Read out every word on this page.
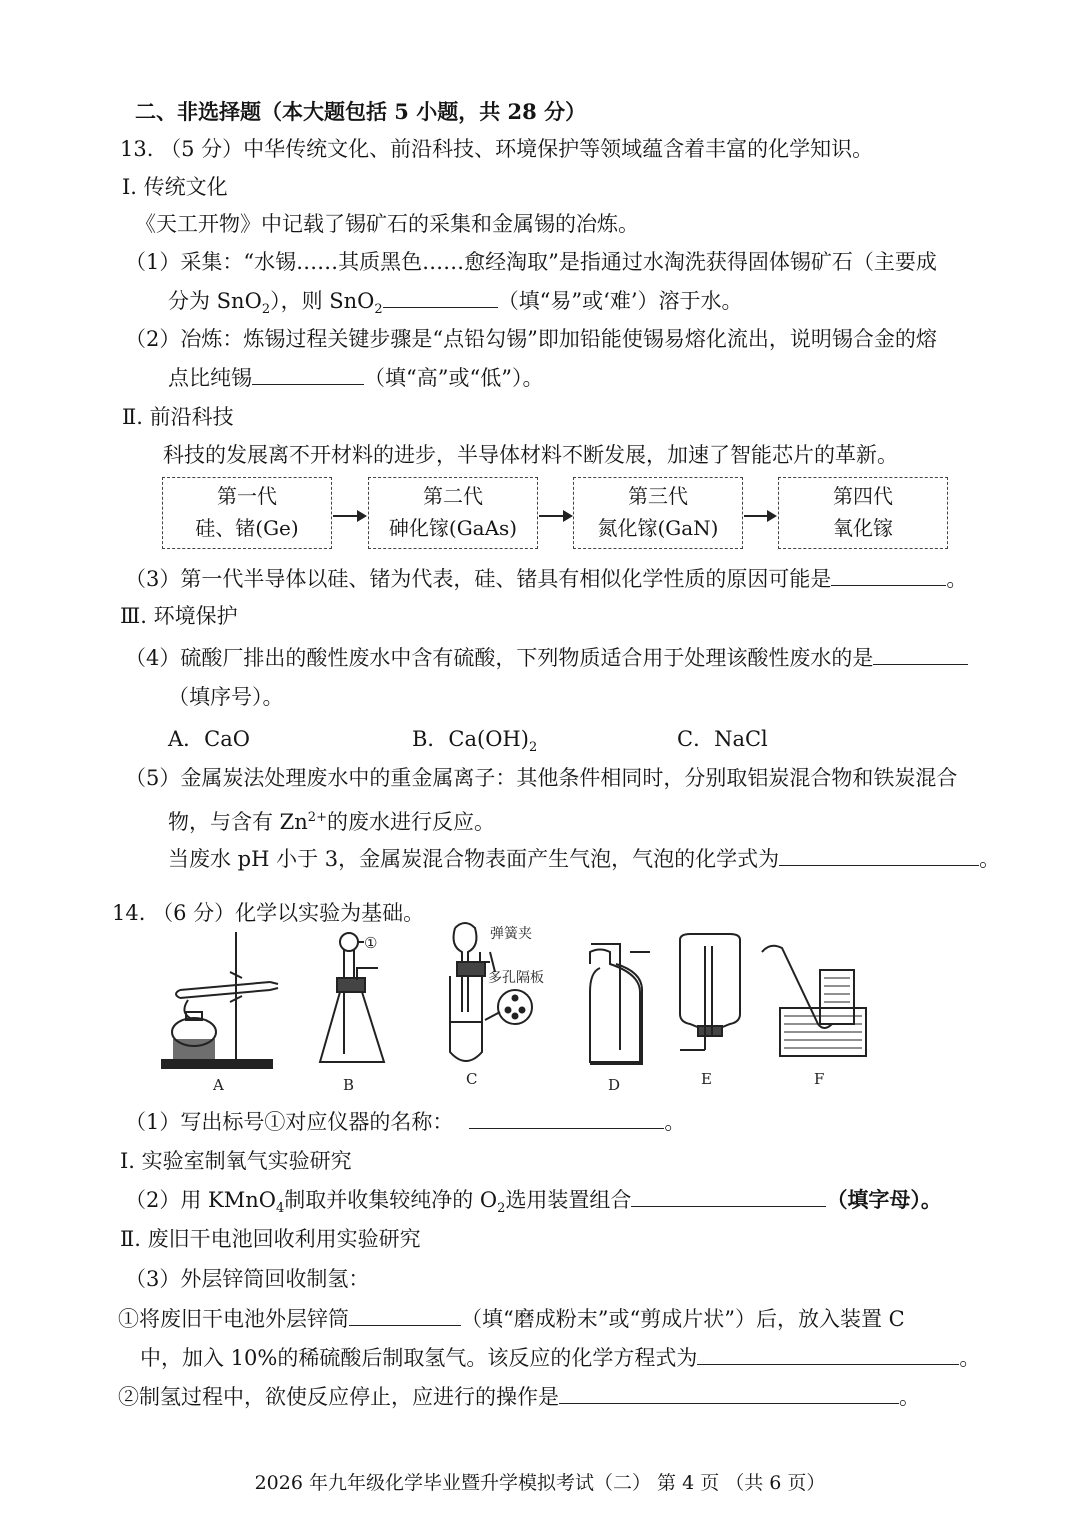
二、非选择题（本大题包括 5 小题，共 28 分）
13. （5 分）中华传统文化、前沿科技、环境保护等领域蕴含着丰富的化学知识。
I. 传统文化
《天工开物》中记载了锡矿石的采集和金属锡的冶炼。
（1）采集：“水锡……其质黑色……愈经淘取”是指通过水淘洗获得固体锡矿石（主要成
分为 SnO$_2$），则 SnO$_2$	（填“易”或‘难’）溶于水。
（2）冶炼：炼锡过程关键步骤是“点铅勾锡”即加铅能使锡易熔化流出，说明锡合金的熔
点比纯锡	（填“高”或“低”）。
Ⅱ. 前沿科技
科技的发展离不开材料的进步，半导体材料不断发展，加速了智能芯片的革新。
第一代
硅、锗(Ge)
第二代
砷化镓(GaAs)
第三代
氮化镓(GaN)
第四代
氧化镓
（3）第一代半导体以硅、锗为代表，硅、锗具有相似化学性质的原因可能是	。
Ⅲ. 环境保护
（4）硫酸厂排出的酸性废水中含有硫酸，下列物质适合用于处理该酸性废水的是
（填序号）。
A．CaO	B．$Ca(OH)_2$	C．NaCl
（5）金属炭法处理废水中的重金属离子：其他条件相同时，分别取铝炭混合物和铁炭混合
物，与含有 $Zn^{2+}$的废水进行反应。
当废水 pH 小于 3，金属炭混合物表面产生气泡，气泡的化学式为	。
14. （6 分）化学以实验为基础。
A
①
B
弹簧夹
多孔隔板
C	D	E	F
（1）写出标号①对应仪器的名称：	。
I. 实验室制氧气实验研究
（2）用 KMnO$_4$制取并收集较纯净的 $O_2$选用装置组合	（填字母）。
Ⅱ. 废旧干电池回收利用实验研究
（3）外层锌筒回收制氢：
①将废旧干电池外层锌筒	（填“磨成粉末”或“剪成片状”）后，放入装置 C
中，加入 10%的稀硫酸后制取氢气。该反应的化学方程式为	。
②制氢过程中，欲使反应停止，应进行的操作是	。
2026 年九年级化学毕业暨升学模拟考试（二） 第 4 页 （共 6 页）
